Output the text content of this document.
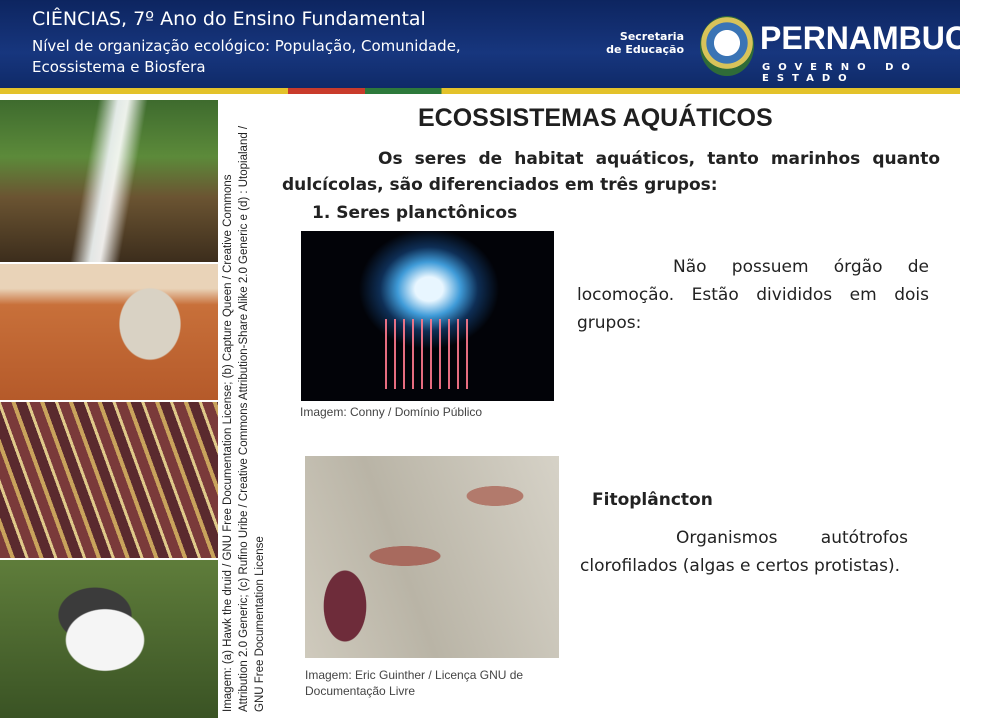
CIÊNCIAS, 7º Ano do Ensino Fundamental
Nível de organização ecológico: População, Comunidade, Ecossistema e Biosfera
Secretaria de Educação PERNAMBUCO
GOVERNO DO ESTADO
Imagem: (a) Hawk the druid / GNU Free Documentation License; (b) Capture Queen / Creative Commons Attribution 2.0 Generic; (c) Rufino Uribe / Creative Commons Attribution-Share Alike 2.0 Generic e (d) : Utopialand / GNU Free Documentation License
ECOSSISTEMAS AQUÁTICOS
Os seres de habitat aquáticos, tanto marinhos quanto dulcícolas, são diferenciados em três grupos:
1. Seres planctônicos
Imagem: Conny / Domínio Público
Não possuem órgão de locomoção. Estão divididos em dois grupos:
Imagem: Eric Guinther / Licença GNU de Documentação Livre
Fitoplâncton
Organismos autótrofos clorofilados (algas e certos protistas).
